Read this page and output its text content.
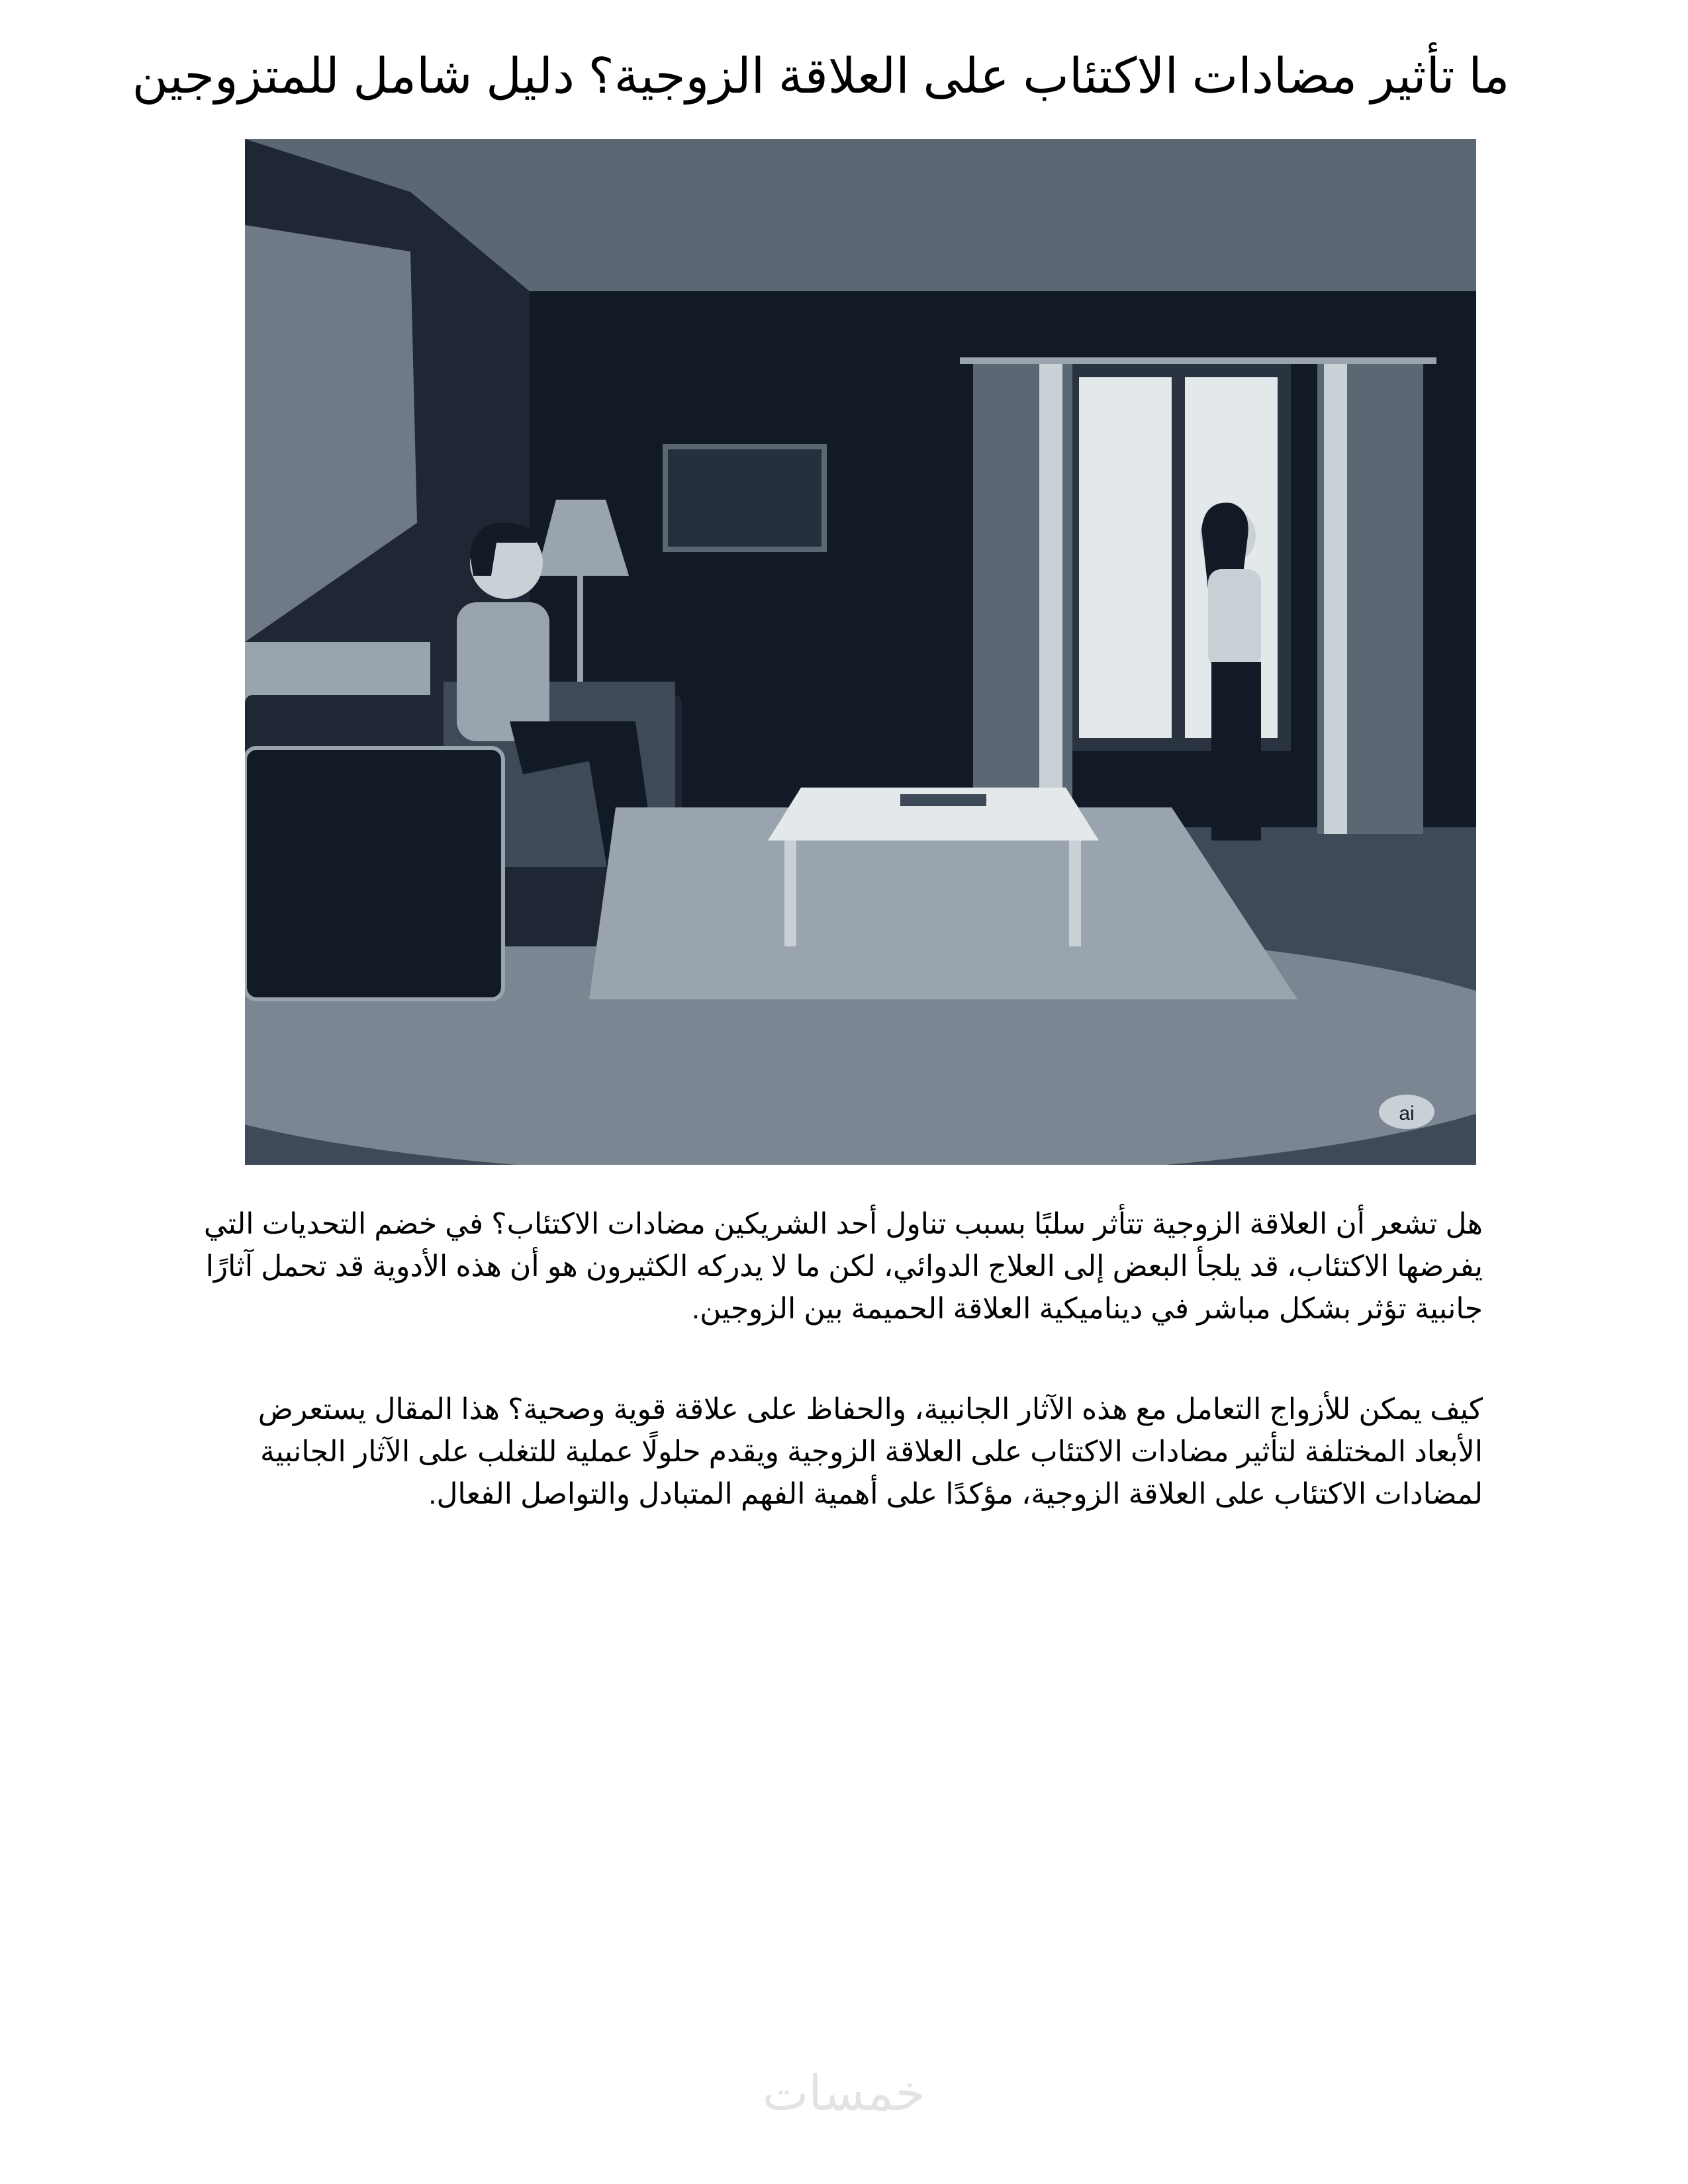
ما تأثير مضادات الاكتئاب على العلاقة الزوجية؟ دليل شامل للمتزوجين
ai

هل تشعر أن العلاقة الزوجية تتأثر سلبًا بسبب تناول أحد الشريكين مضادات الاكتئاب؟ في خضم التحديات التي يفرضها الاكتئاب، قد يلجأ البعض إلى العلاج الدوائي، لكن ما لا يدركه الكثيرون هو أن هذه الأدوية قد تحمل آثارًا جانبية تؤثر بشكل مباشر في ديناميكية العلاقة الحميمة بين الزوجين.

كيف يمكن للأزواج التعامل مع هذه الآثار الجانبية، والحفاظ على علاقة قوية وصحية؟ هذا المقال يستعرض الأبعاد المختلفة لتأثير مضادات الاكتئاب على العلاقة الزوجية ويقدم حلولًا عملية للتغلب على الآثار الجانبية لمضادات الاكتئاب على العلاقة الزوجية، مؤكدًا على أهمية الفهم المتبادل والتواصل الفعال.

خمسات
